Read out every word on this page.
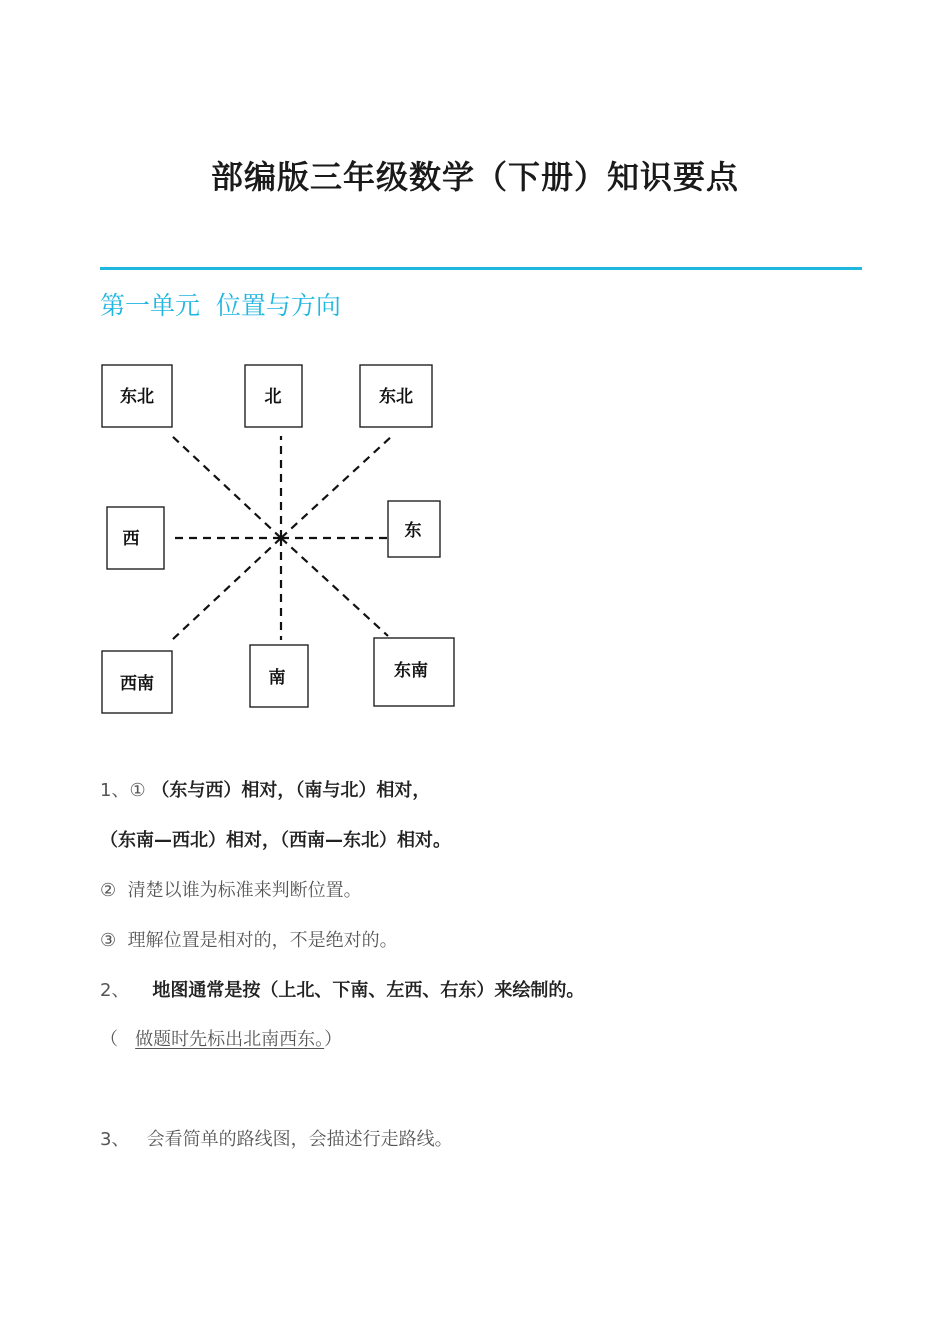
部编版三年级数学（下册）知识要点
第一单元  位置与方向
东北	北	东北
西	东
西南	南	东南
1、① （东与西）相对，（南与北）相对，
（东南—西北）相对，（西南—东北）相对。
②  清楚以谁为标准来判断位置。
③  理解位置是相对的，不是绝对的。
2、 地图通常是按（上北、下南、左西、右东）来绘制的。
（ 做题时先标出北南西东。）
3、 会看简单的路线图，会描述行走路线。
